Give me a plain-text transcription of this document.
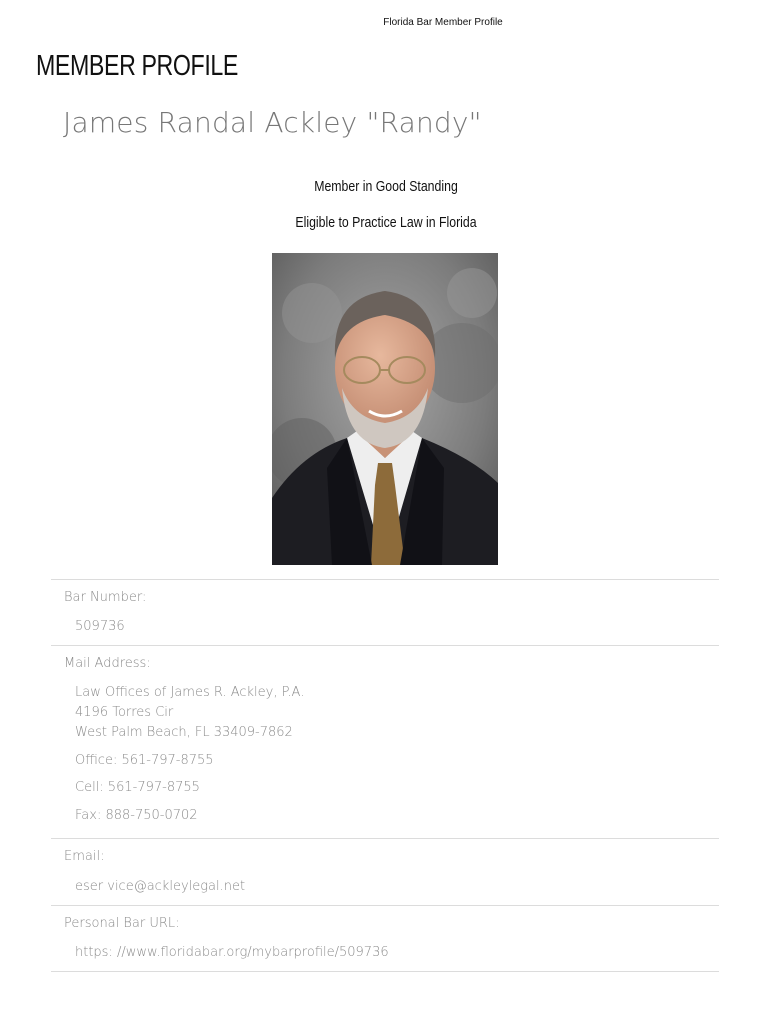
Florida Bar Member Profile
MEMBER PROFILE
James Randal Ackley "Randy"
Member in Good Standing
Eligible to Practice Law in Florida
Bar Number:
509736
Mail Address:
Law Offices of James R. Ackley, P.A.
4196 Torres Cir
West Palm Beach, FL 33409-7862
Office: 561-797-8755
Cell: 561-797-8755
Fax: 888-750-0702
Email:
eser vice@ackleylegal.net
Personal Bar URL:
https: //www.floridabar.org/mybarprofile/509736
